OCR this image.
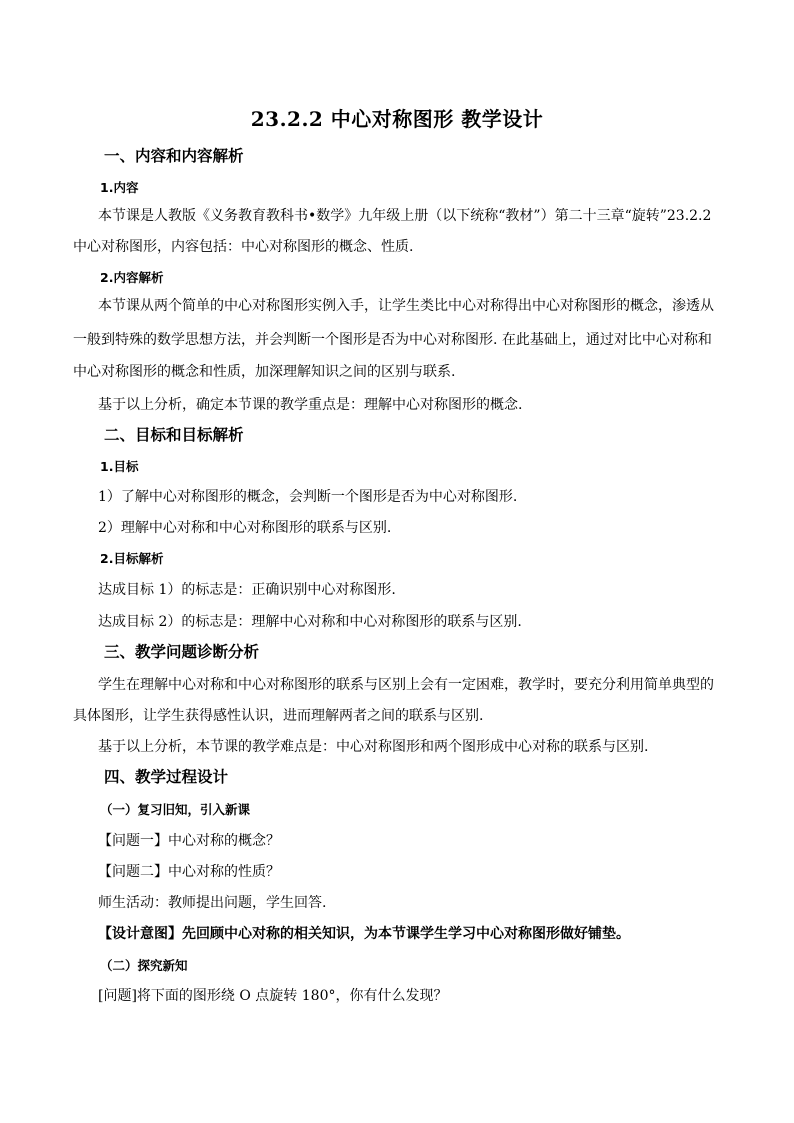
23.2.2 中心对称图形 教学设计
一、内容和内容解析
1.内容
本节课是人教版《义务教育教科书•数学》九年级上册（以下统称“教材”）第二十三章“旋转”23.2.2
中心对称图形，内容包括：中心对称图形的概念、性质.
2.内容解析
本节课从两个简单的中心对称图形实例入手，让学生类比中心对称得出中心对称图形的概念，渗透从
一般到特殊的数学思想方法，并会判断一个图形是否为中心对称图形. 在此基础上，通过对比中心对称和
中心对称图形的概念和性质，加深理解知识之间的区别与联系.
基于以上分析，确定本节课的教学重点是：理解中心对称图形的概念.
二、目标和目标解析
1.目标
1）了解中心对称图形的概念，会判断一个图形是否为中心对称图形.
2）理解中心对称和中心对称图形的联系与区别.
2.目标解析
达成目标 1）的标志是：正确识别中心对称图形.
达成目标 2）的标志是：理解中心对称和中心对称图形的联系与区别.
三、教学问题诊断分析
学生在理解中心对称和中心对称图形的联系与区别上会有一定困难，教学时，要充分利用简单典型的
具体图形，让学生获得感性认识，进而理解两者之间的联系与区别.
基于以上分析，本节课的教学难点是：中心对称图形和两个图形成中心对称的联系与区别.
四、教学过程设计
（一）复习旧知，引入新课
【问题一】中心对称的概念？
【问题二】中心对称的性质？
师生活动：教师提出问题，学生回答.
【设计意图】先回顾中心对称的相关知识，为本节课学生学习中心对称图形做好铺垫。
（二）探究新知
[问题]将下面的图形绕 O 点旋转 180°，你有什么发现？
